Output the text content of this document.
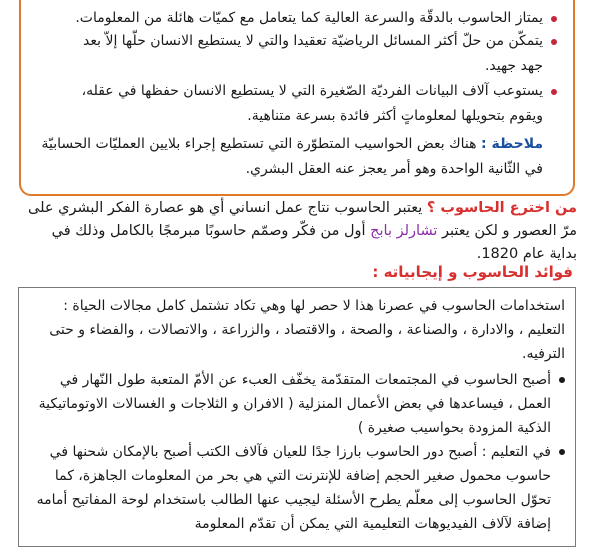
يمتاز الحاسوب بالدقّة والسرعة العالية كما يتعامل مع كميّات هائلة من المعلومات.
يتمكّن من حلّ أكثر المسائل الرياضيّة تعقيدا والتي لا يستطيع الانسان حلّها إلاّ بعد جهد جهيد.
يستوعب آلاف البيانات الفرديّة الصّغيرة التي لا يستطيع الانسان حفظها في عقله، ويقوم بتحويلها لمعلوماتٍ أكثر فائدة بسرعة متناهية.
ملاحظة : هناك بعض الحواسيب المتطوّرة التي تستطيع إجراء بلايين العمليّات الحسابيّة في الثّانية الواحدة وهو أمر يعجز عنه العقل البشري.
من اخترع الحاسوب ؟ يعتبر الحاسوب نتاج عمل انساني أي هو عصارة الفكر البشري على مرّ العصور و لكن يعتبر تشارلز بابج أول من فكّر وصمّم حاسوبًا مبرمجًا بالكامل وذلك في بداية عام 1820.
فوائد الحاسوب و إيجابياته :
استخدامات الحاسوب في عصرنا هذا لا حصر لها وهي تكاد تشتمل كامل مجالات الحياة : التعليم ، والادارة ، والصناعة ، والصحة ، والاقتصاد ، والزراعة ، والاتصالات ، والفضاء و حتى الترفيه.
أصبح الحاسوب في المجتمعات المتقدّمة يخفّف العبء عن الأمّ المتعبة طول النّهار في العمل ، فيساعدها في بعض الأعمال المنزلية ( الافران و الثلاجات و الغسالات الاوتوماتيكية الذكية المزودة بحواسيب صغيرة )
في التعليم : أصبح دور الحاسوب بارزا جدًا للعيان فآلاف الكتب أصبح بالإمكان شحنها في حاسوب محمول صغير الحجم إضافة للإنترنت التي هي بحر من المعلومات الجاهزة، كما تحوّل الحاسوب إلى معلّم يطرح الأسئلة ليجيب عنها الطالب باستخدام لوحة المفاتيح أمامه إضافة لآلاف الفيديوهات التعليمية التي يمكن أن تقدّم المعلومة
